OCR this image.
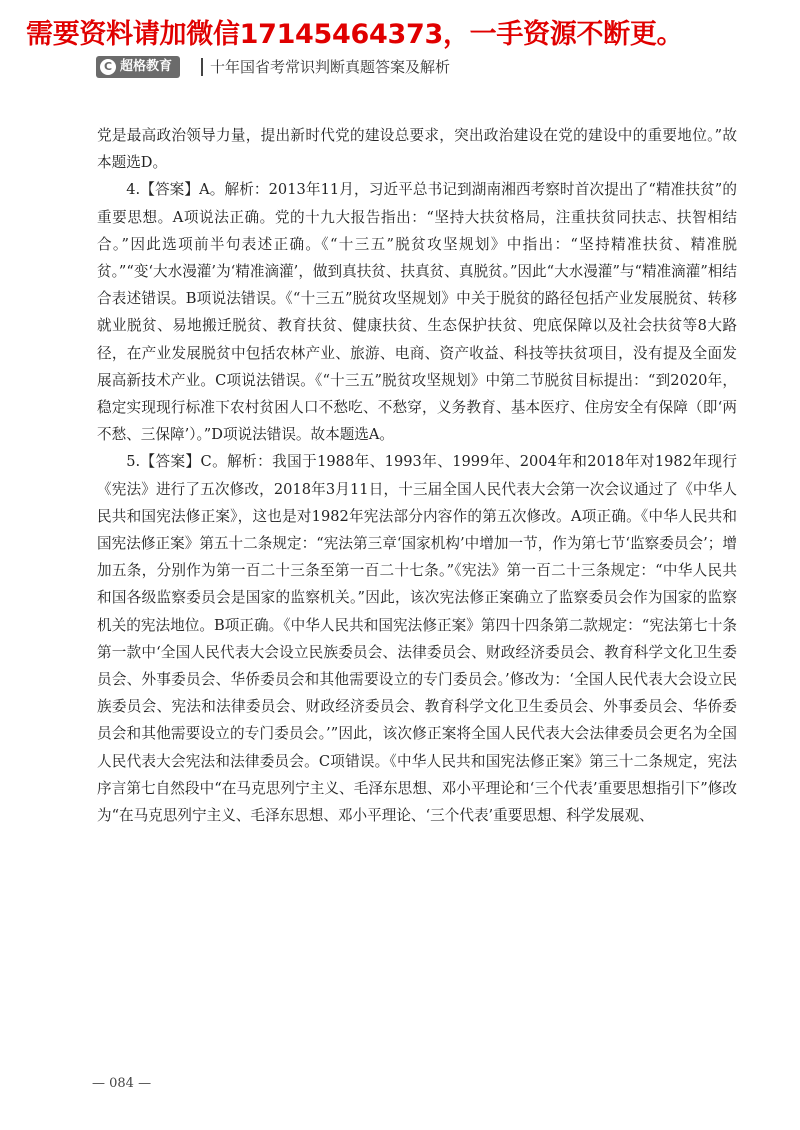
需要资料请加微信17145464373，一手资源不断更。
C 超格教育	十年国省考常识判断真题答案及解析

党是最高政治领导力量，提出新时代党的建设总要求，突出政治建设在党的建设中的重要地位。”故本题选D。

4.【答案】A。解析：2013年11月，习近平总书记到湖南湘西考察时首次提出了“精准扶贫”的重要思想。A项说法正确。党的十九大报告指出：“坚持大扶贫格局，注重扶贫同扶志、扶智相结合。”因此选项前半句表述正确。《“十三五”脱贫攻坚规划》中指出：“坚持精准扶贫、精准脱贫。”“变‘大水漫灌’为‘精准滴灌’，做到真扶贫、扶真贫、真脱贫。”因此“大水漫灌”与“精准滴灌”相结合表述错误。B项说法错误。《“十三五”脱贫攻坚规划》中关于脱贫的路径包括产业发展脱贫、转移就业脱贫、易地搬迁脱贫、教育扶贫、健康扶贫、生态保护扶贫、兜底保障以及社会扶贫等8大路径，在产业发展脱贫中包括农林产业、旅游、电商、资产收益、科技等扶贫项目，没有提及全面发展高新技术产业。C项说法错误。《“十三五”脱贫攻坚规划》中第二节脱贫目标提出：“到2020年，稳定实现现行标准下农村贫困人口不愁吃、不愁穿，义务教育、基本医疗、住房安全有保障（即‘两不愁、三保障’）。”D项说法错误。故本题选A。

5.【答案】C。解析：我国于1988年、1993年、1999年、2004年和2018年对1982年现行《宪法》进行了五次修改，2018年3月11日，十三届全国人民代表大会第一次会议通过了《中华人民共和国宪法修正案》，这也是对1982年宪法部分内容作的第五次修改。A项正确。《中华人民共和国宪法修正案》第五十二条规定：“宪法第三章‘国家机构’中增加一节，作为第七节‘监察委员会’；增加五条，分别作为第一百二十三条至第一百二十七条。”《宪法》第一百二十三条规定：“中华人民共和国各级监察委员会是国家的监察机关。”因此，该次宪法修正案确立了监察委员会作为国家的监察机关的宪法地位。B项正确。《中华人民共和国宪法修正案》第四十四条第二款规定：“宪法第七十条第一款中‘全国人民代表大会设立民族委员会、法律委员会、财政经济委员会、教育科学文化卫生委员会、外事委员会、华侨委员会和其他需要设立的专门委员会。’修改为：‘全国人民代表大会设立民族委员会、宪法和法律委员会、财政经济委员会、教育科学文化卫生委员会、外事委员会、华侨委员会和其他需要设立的专门委员会。’”因此，该次修正案将全国人民代表大会法律委员会更名为全国人民代表大会宪法和法律委员会。C项错误。《中华人民共和国宪法修正案》第三十二条规定，宪法序言第七自然段中“在马克思列宁主义、毛泽东思想、邓小平理论和‘三个代表’重要思想指引下”修改为“在马克思列宁主义、毛泽东思想、邓小平理论、‘三个代表’重要思想、科学发展观、

— 084 —
